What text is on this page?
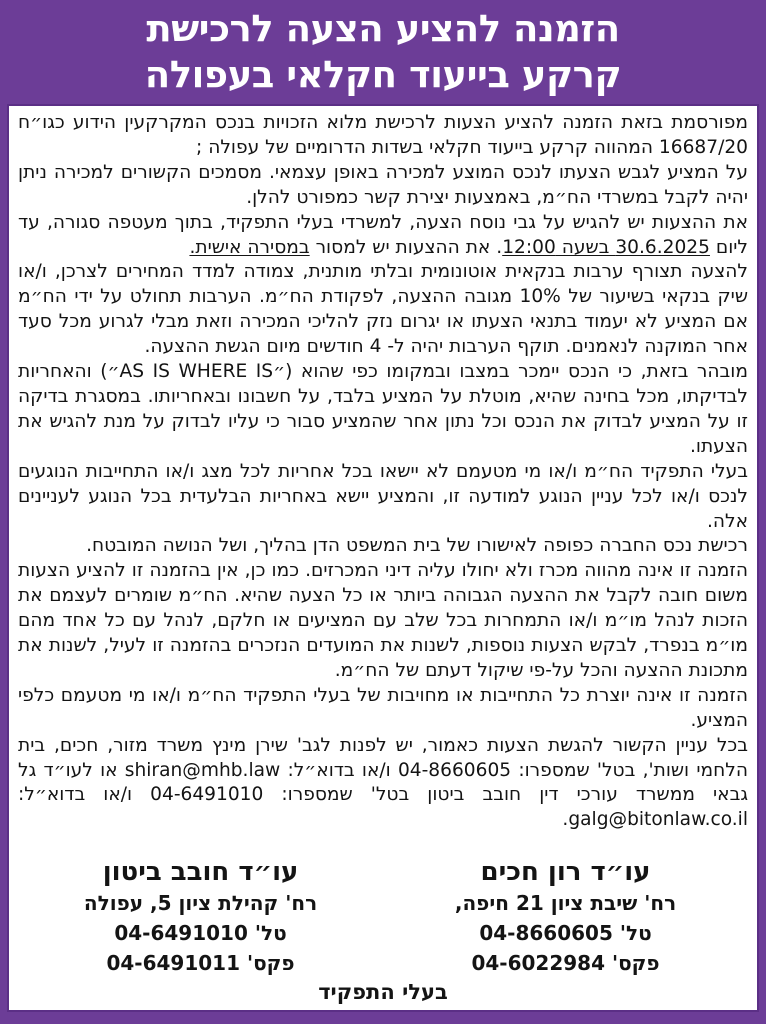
הזמנה להציע הצעה לרכישת
קרקע בייעוד חקלאי בעפולה

מפורסמת בזאת הזמנה להציע הצעות לרכישת מלוא הזכויות בנכס המקרקעין הידוע כגו״ח 16687/20 המהווה קרקע בייעוד חקלאי בשדות הדרומיים של עפולה ;

על המציע לגבש הצעתו לנכס המוצע למכירה באופן עצמאי. מסמכים הקשורים למכירה ניתן יהיה לקבל במשרדי הח״מ, באמצעות יצירת קשר כמפורט להלן.

את ההצעות יש להגיש על גבי נוסח הצעה, למשרדי בעלי התפקיד, בתוך מעטפה סגורה, עד ליום 30.6.2025 בשעה 12:00. את ההצעות יש למסור במסירה אישית.

להצעה תצורף ערבות בנקאית אוטונומית ובלתי מותנית, צמודה למדד המחירים לצרכן, ו/או שיק בנקאי בשיעור של 10% מגובה ההצעה, לפקודת הח״מ. הערבות תחולט על ידי הח״מ אם המציע לא יעמוד בתנאי הצעתו או יגרום נזק להליכי המכירה וזאת מבלי לגרוע מכל סעד אחר המוקנה לנאמנים. תוקף הערבות יהיה ל- 4 חודשים מיום הגשת ההצעה.

מובהר בזאת, כי הנכס יימכר במצבו ובמקומו כפי שהוא (״AS IS WHERE IS״) והאחריות לבדיקתו, מכל בחינה שהיא, מוטלת על המציע בלבד, על חשבונו ובאחריותו. במסגרת בדיקה זו על המציע לבדוק את הנכס וכל נתון אחר שהמציע סבור כי עליו לבדוק על מנת להגיש את הצעתו.

בעלי התפקיד הח״מ ו/או מי מטעמם לא יישאו בכל אחריות לכל מצג ו/או התחייבות הנוגעים לנכס ו/או לכל עניין הנוגע למודעה זו, והמציע יישא באחריות הבלעדית בכל הנוגע לעניינים אלה.

רכישת נכס החברה כפופה לאישורו של בית המשפט הדן בהליך, ושל הנושה המובטח.

הזמנה זו אינה מהווה מכרז ולא יחולו עליה דיני המכרזים. כמו כן, אין בהזמנה זו להציע הצעות משום חובה לקבל את ההצעה הגבוהה ביותר או כל הצעה שהיא. הח״מ שומרים לעצמם את הזכות לנהל מו״מ ו/או התמחרות בכל שלב עם המציעים או חלקם, לנהל עם כל אחד מהם מו״מ בנפרד, לבקש הצעות נוספות, לשנות את המועדים הנזכרים בהזמנה זו לעיל, לשנות את מתכונת ההצעה והכל על-פי שיקול דעתם של הח״מ.

הזמנה זו אינה יוצרת כל התחייבות או מחויבות של בעלי התפקיד הח״מ ו/או מי מטעמם כלפי המציע.

בכל עניין הקשור להגשת הצעות כאמור, יש לפנות לגב' שירן מינץ משרד מזור, חכים, בית הלחמי ושות', בטל' שמספרו: 04-8660605 ו/או בדוא״ל: shiran@mhb.law או לעו״ד גל גבאי ממשרד עורכי דין חובב ביטון בטל' שמספרו: 04-6491010 ו/או בדוא״ל: galg@bitonlaw.co.il.

עו״ד רון חכים
רח' שיבת ציון 21 חיפה,
טל' 04-8660605
פקס' 04-6022984
עו״ד חובב ביטון
רח' קהילת ציון 5, עפולה
טל' 04-6491010
פקס' 04-6491011
בעלי התפקיד
